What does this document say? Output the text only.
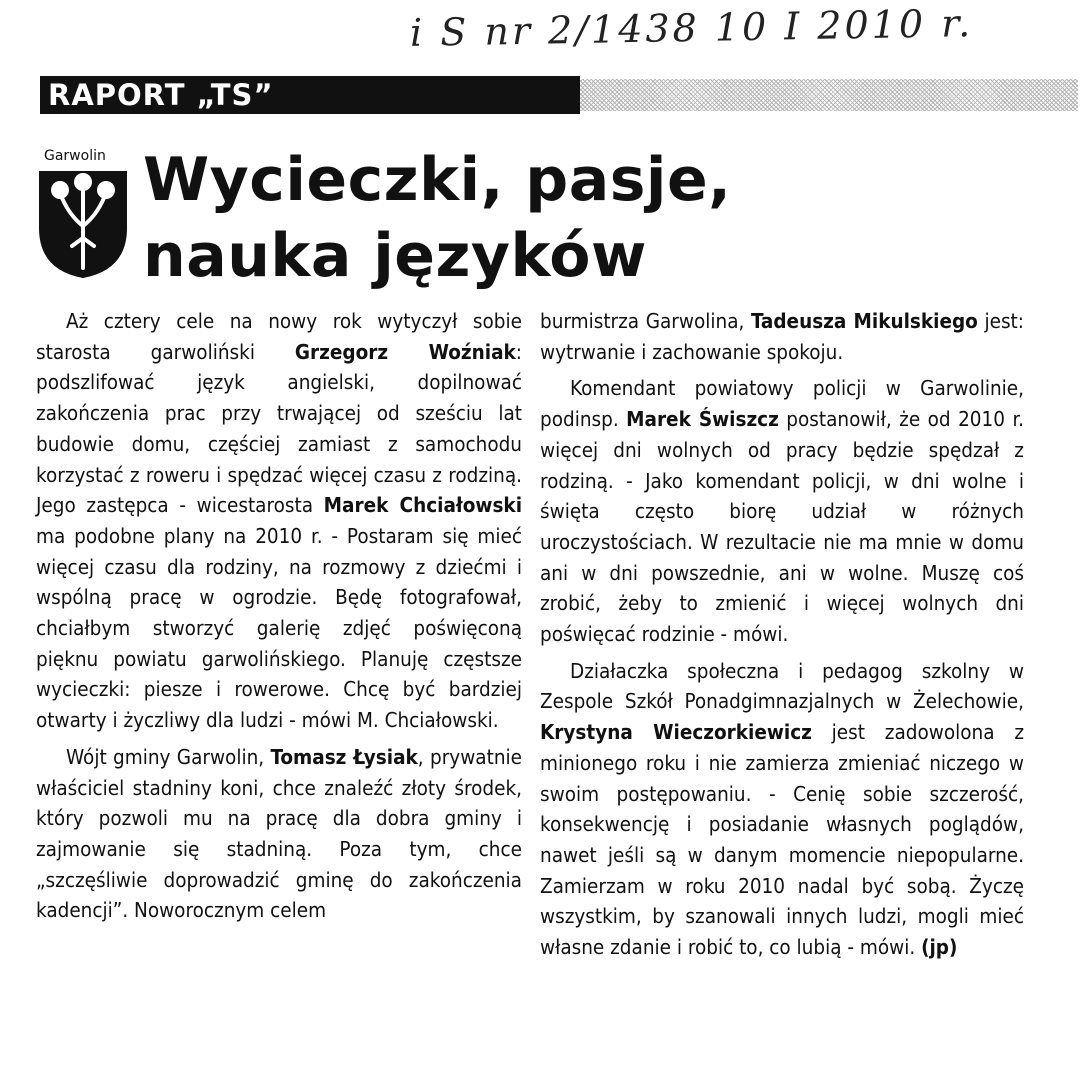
i S nr 2/1438 10 I 2010 r.
RAPORT „TS”
Garwolin Wycieczki, pasje,
nauka języków

Aż cztery cele na nowy rok wytyczył sobie starosta garwoliński Grzegorz Woźniak: podszlifować język angielski, dopilnować zakończenia prac przy trwającej od sześciu lat budowie domu, częściej zamiast z samochodu korzystać z roweru i spędzać więcej czasu z rodziną. Jego zastępca - wicestarosta Marek Chciałowski ma podobne plany na 2010 r. - Postaram się mieć więcej czasu dla rodziny, na rozmowy z dziećmi i wspólną pracę w ogrodzie. Będę fotografował, chciałbym stworzyć galerię zdjęć poświęconą pięknu powiatu garwolińskiego. Planuję częstsze wycieczki: piesze i rowerowe. Chcę być bardziej otwarty i życzliwy dla ludzi - mówi M. Chciałowski.

Wójt gminy Garwolin, Tomasz Łysiak, prywatnie właściciel stadniny koni, chce znaleźć złoty środek, który pozwoli mu na pracę dla dobra gminy i zajmowanie się stadniną. Poza tym, chce „szczęśliwie doprowadzić gminę do zakończenia kadencji”. Noworocznym celem

burmistrza Garwolina, Tadeusza Mikulskiego jest: wytrwanie i zachowanie spokoju.

Komendant powiatowy policji w Garwolinie, podinsp. Marek Świszcz postanowił, że od 2010 r. więcej dni wolnych od pracy będzie spędzał z rodziną. - Jako komendant policji, w dni wolne i święta często biorę udział w różnych uroczystościach. W rezultacie nie ma mnie w domu ani w dni powszednie, ani w wolne. Muszę coś zrobić, żeby to zmienić i więcej wolnych dni poświęcać rodzinie - mówi.

Działaczka społeczna i pedagog szkolny w Zespole Szkół Ponadgimnazjalnych w Żelechowie, Krystyna Wieczorkiewicz jest zadowolona z minionego roku i nie zamierza zmieniać niczego w swoim postępowaniu. - Cenię sobie szczerość, konsekwencję i posiadanie własnych poglądów, nawet jeśli są w danym momencie niepopularne. Zamierzam w roku 2010 nadal być sobą. Życzę wszystkim, by szanowali innych ludzi, mogli mieć własne zdanie i robić to, co lubią - mówi. (jp)
